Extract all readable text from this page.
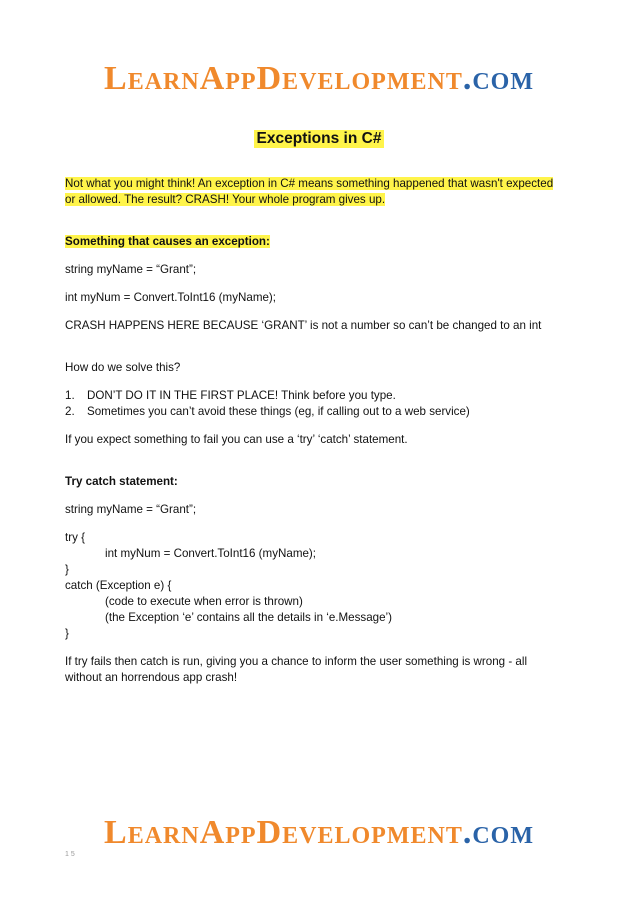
LEARNAPPDEVELOPMENT.COM
Exceptions in C#

Not what you might think! An exception in C# means something happened that wasn't expected
or allowed. The result? CRASH! Your whole program gives up.

Something that causes an exception:

string myName = “Grant”;

int myNum = Convert.ToInt16 (myName);

CRASH HAPPENS HERE BECAUSE ‘GRANT’ is not a number so can’t be changed to an int

How do we solve this?

1.	DON’T DO IT IN THE FIRST PLACE! Think before you type.
2.	Sometimes you can’t avoid these things (eg, if calling out to a web service)

If you expect something to fail you can use a ‘try’ ‘catch’ statement.

Try catch statement:

string myName = “Grant”;

try {

int myNum = Convert.ToInt16 (myName);

}

catch (Exception e) {

(code to execute when error is thrown)

(the Exception ‘e’ contains all the details in ‘e.Message’)

}

If try fails then catch is run, giving you a chance to inform the user something is wrong - all
without an horrendous app crash!

LEARNAPPDEVELOPMENT.COM
1 5
